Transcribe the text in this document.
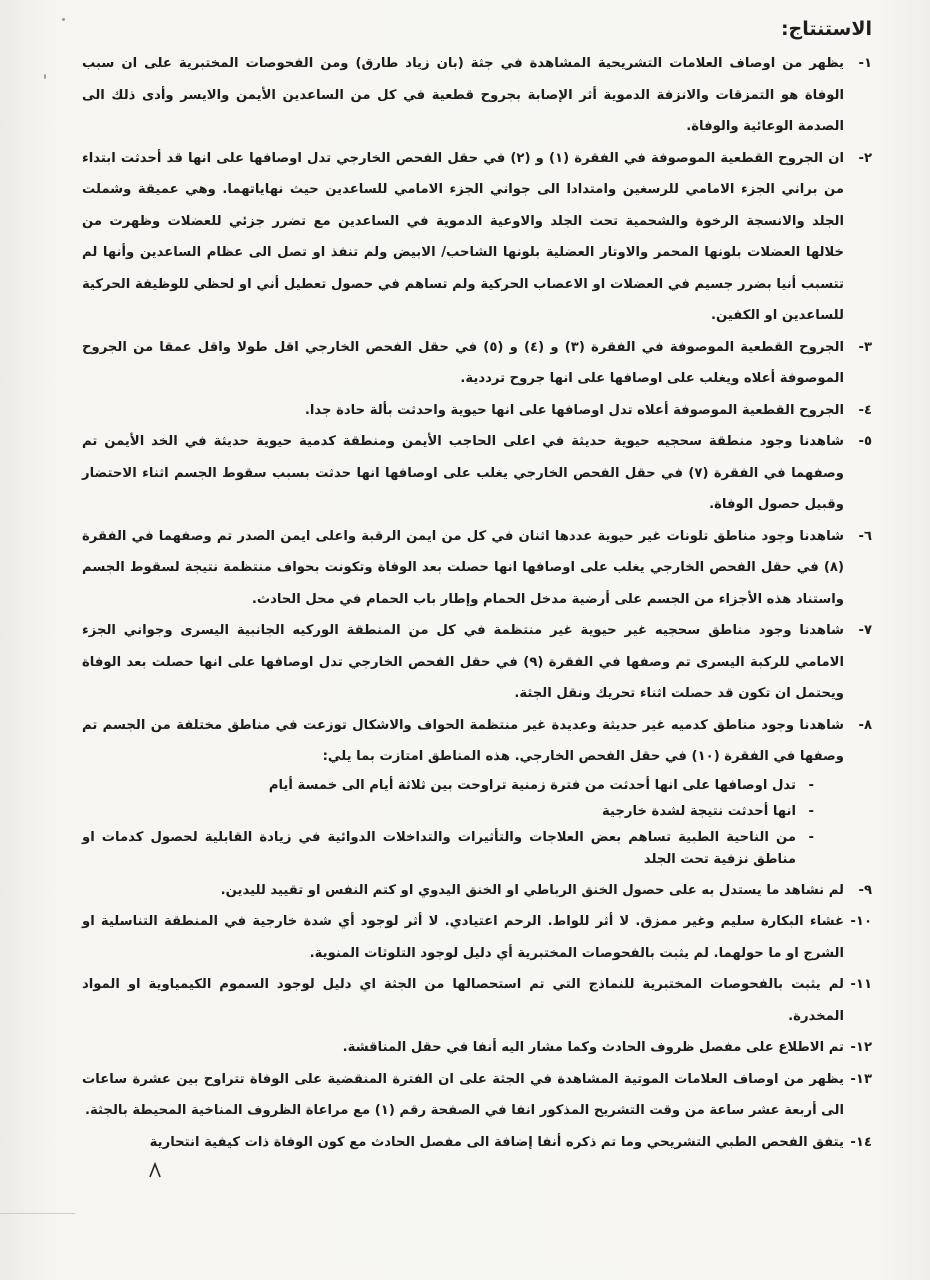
الاستنتاج:
١-
يظهر من اوصاف العلامات التشريحية المشاهدة في جثة (بان زياد طارق) ومن الفحوصات المختبرية على ان سبب الوفاة هو التمزقات والانزفة الدموية أثر الإصابة بجروح قطعية في كل من الساعدين الأيمن والايسر وأدى ذلك الى الصدمة الوعائية والوفاة.
٢-
ان الجروح القطعية الموصوفة في الفقرة (١) و (٢) في حقل الفحص الخارجي تدل اوصافها على انها قد أحدثت ابتداء من براني الجزء الامامي للرسغين وامتدادا الى جواني الجزء الامامي للساعدين حيث نهاياتهما. وهي عميقة وشملت الجلد والانسجة الرخوة والشحمية تحت الجلد والاوعية الدموية في الساعدين مع تضرر جزئي للعضلات وظهرت من خلالها العضلات بلونها المحمر والاوتار العضلية بلونها الشاحب/ الابيض ولم تنفذ او تصل الى عظام الساعدين وأنها لم تتسبب أنيا بضرر جسيم في العضلات او الاعصاب الحركية ولم تساهم في حصول تعطيل أني او لحظي للوظيفة الحركية للساعدين او الكفين.
٣-
الجروح القطعية الموصوفة في الفقرة (٣) و (٤) و (٥) في حقل الفحص الخارجي اقل طولا واقل عمقا من الجروح الموصوفة أعلاه ويغلب على اوصافها على انها جروح ترددية.
٤-
الجروح القطعية الموصوفة أعلاه تدل اوصافها على انها حيوية واحدثت بألة حادة جدا.
٥-
شاهدنا وجود منطقة سحجيه حيوية حديثة في اعلى الحاجب الأيمن ومنطقة كدمية حيوية حديثة في الخد الأيمن تم وصفهما في الفقرة (٧) في حقل الفحص الخارجي يغلب على اوصافها انها حدثت بسبب سقوط الجسم اثناء الاحتضار وقبيل حصول الوفاة.
٦-
شاهدنا وجود مناطق تلونات غير حيوية عددها اثنان في كل من ايمن الرقبة واعلى ايمن الصدر تم وصفهما في الفقرة (٨) في حقل الفحص الخارجي يغلب على اوصافها انها حصلت بعد الوفاة وتكونت بحواف منتظمة نتيجة لسقوط الجسم واستناد هذه الأجزاء من الجسم على أرضية مدخل الحمام وإطار باب الحمام في محل الحادث.
٧-
شاهدنا وجود مناطق سحجيه غير حيوية غير منتظمة في كل من المنطقة الوركيه الجانبية اليسرى وجواني الجزء الامامي للركبة اليسرى تم وصفها في الفقرة (٩) في حقل الفحص الخارجي تدل اوصافها على انها حصلت بعد الوفاة ويحتمل ان تكون قد حصلت اثناء تحريك ونقل الجثة.
٨-
شاهدنا وجود مناطق كدميه غير حديثة وعديدة غير منتظمة الحواف والاشكال توزعت في مناطق مختلفة من الجسم تم وصفها في الفقرة (١٠) في حقل الفحص الخارجي. هذه المناطق امتازت بما يلي:
-
تدل اوصافها على انها أحدثت من فترة زمنية تراوحت بين ثلاثة أيام الى خمسة أيام
-
انها أحدثت نتيجة لشدة خارجية
-
من الناحية الطبية تساهم بعض العلاجات والتأثيرات والتداخلات الدوائية في زيادة القابلية لحصول كدمات او مناطق نزفية تحت الجلد
٩-
لم نشاهد ما يستدل به على حصول الخنق الرباطي او الخنق اليدوي او كتم النفس او تقييد لليدين.
١٠-
غشاء البكارة سليم وغير ممزق. لا أثر للواط. الرحم اعتيادي. لا أثر لوجود أي شدة خارجية في المنطقة التناسلية او الشرج او ما حولهما. لم يثبت بالفحوصات المختبرية أي دليل لوجود التلوثات المنوية.
١١-
لم يثبت بالفحوصات المختبرية للنماذج التي تم استحصالها من الجثة اي دليل لوجود السموم الكيمياوية او المواد المخدرة.
١٢-
تم الاطلاع على مفصل ظروف الحادث وكما مشار اليه أنفا في حقل المناقشة.
١٣-
يظهر من اوصاف العلامات الموتية المشاهدة في الجثة على ان الفترة المنقضية على الوفاة تتراوح بين عشرة ساعات الى أربعة عشر ساعة من وقت التشريح المذكور انفا في الصفحة رقم (١) مع مراعاة الظروف المناخية المحيطة بالجثة.
١٤-
يتفق الفحص الطبي التشريحي وما تم ذكره أنفا إضافة الى مفصل الحادث مع كون الوفاة ذات كيفية انتحارية
